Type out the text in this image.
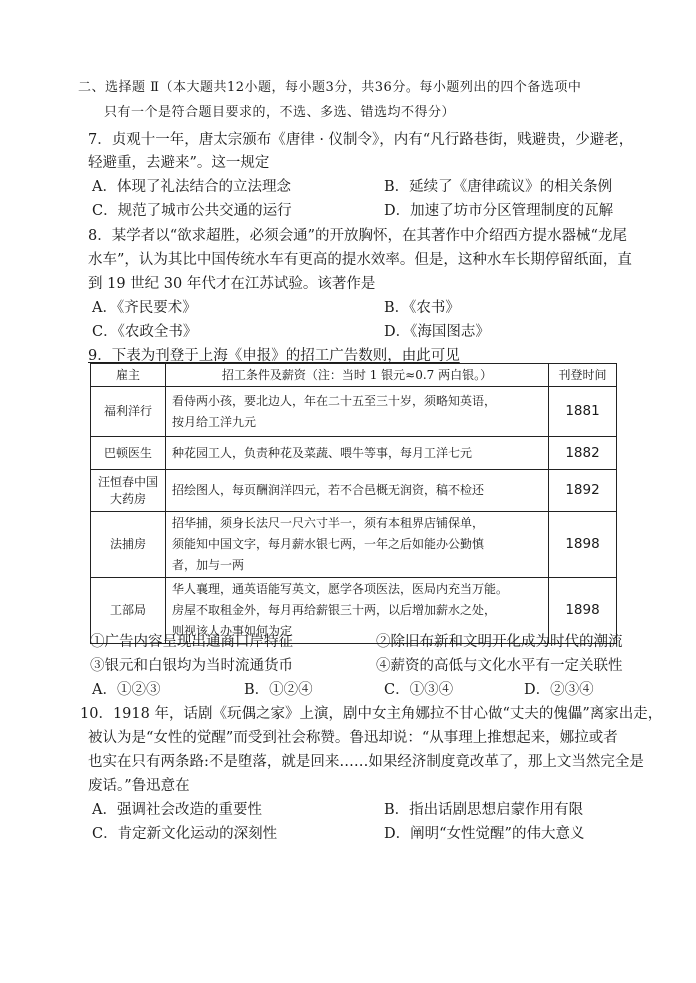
二、选择题 Ⅱ（本大题共12小题，每小题3分，共36分。每小题列出的四个备选项中
只有一个是符合题目要求的，不选、多选、错选均不得分）
7．贞观十一年，唐太宗颁布《唐律 · 仪制令》，内有“凡行路巷街，贱避贵，少避老，
轻避重，去避来”。这一规定
A．体现了礼法结合的立法理念	B．延续了《唐律疏议》的相关条例
C．规范了城市公共交通的运行	D．加速了坊市分区管理制度的瓦解
8．某学者以“欲求超胜，必须会通”的开放胸怀，在其著作中介绍西方提水器械“龙尾
水车”，认为其比中国传统水车有更高的提水效率。但是，这种水车长期停留纸面，直
到 19 世纪 30 年代才在江苏试验。该著作是
A．《齐民要术》	B．《农书》
C．《农政全书》	D．《海国图志》
9．下表为刊登于上海《申报》的招工广告数则，由此可见
雇主	招工条件及薪资（注：当时 1 银元≈0.7 两白银。）	刊登时间
福利洋行	看侍两小孩，要北边人，年在二十五至三十岁，须略知英语，
按月给工洋九元	1881
巴顿医生	种花园工人，负责种花及菜蔬、喂牛等事，每月工洋七元	1882

汪恒春中国大药房	招绘图人，每页酬润洋四元，若不合邑概无润资，稿不检还	1892
法捕房	招华捕，须身长法尺一尺六寸半一，须有本租界店铺保单，
须能知中国文字，每月薪水银七两，一年之后如能办公勤慎
者，加与一两	1898
工部局	华人襄理，通英语能写英文，愿学各项医法，医局内充当万能。
房屋不取租金外，每月再给薪银三十两，以后增加薪水之处，
则视该人办事如何为定	1898
①广告内容呈现出通商口岸特征	②除旧布新和文明开化成为时代的潮流
③银元和白银均为当时流通货币	④薪资的高低与文化水平有一定关联性
A．①②③	B．①②④	C．①③④	D．②③④
10．1918 年，话剧《玩偶之家》上演，剧中女主角娜拉不甘心做“丈夫的傀儡”离家出走，
被认为是“女性的觉醒”而受到社会称赞。鲁迅却说：“从事理上推想起来，娜拉或者
也实在只有两条路:不是堕落，就是回来……如果经济制度竟改革了，那上文当然完全是
废话。”鲁迅意在
A．强调社会改造的重要性	B．指出话剧思想启蒙作用有限
C．肯定新文化运动的深刻性	D．阐明“女性觉醒”的伟大意义
